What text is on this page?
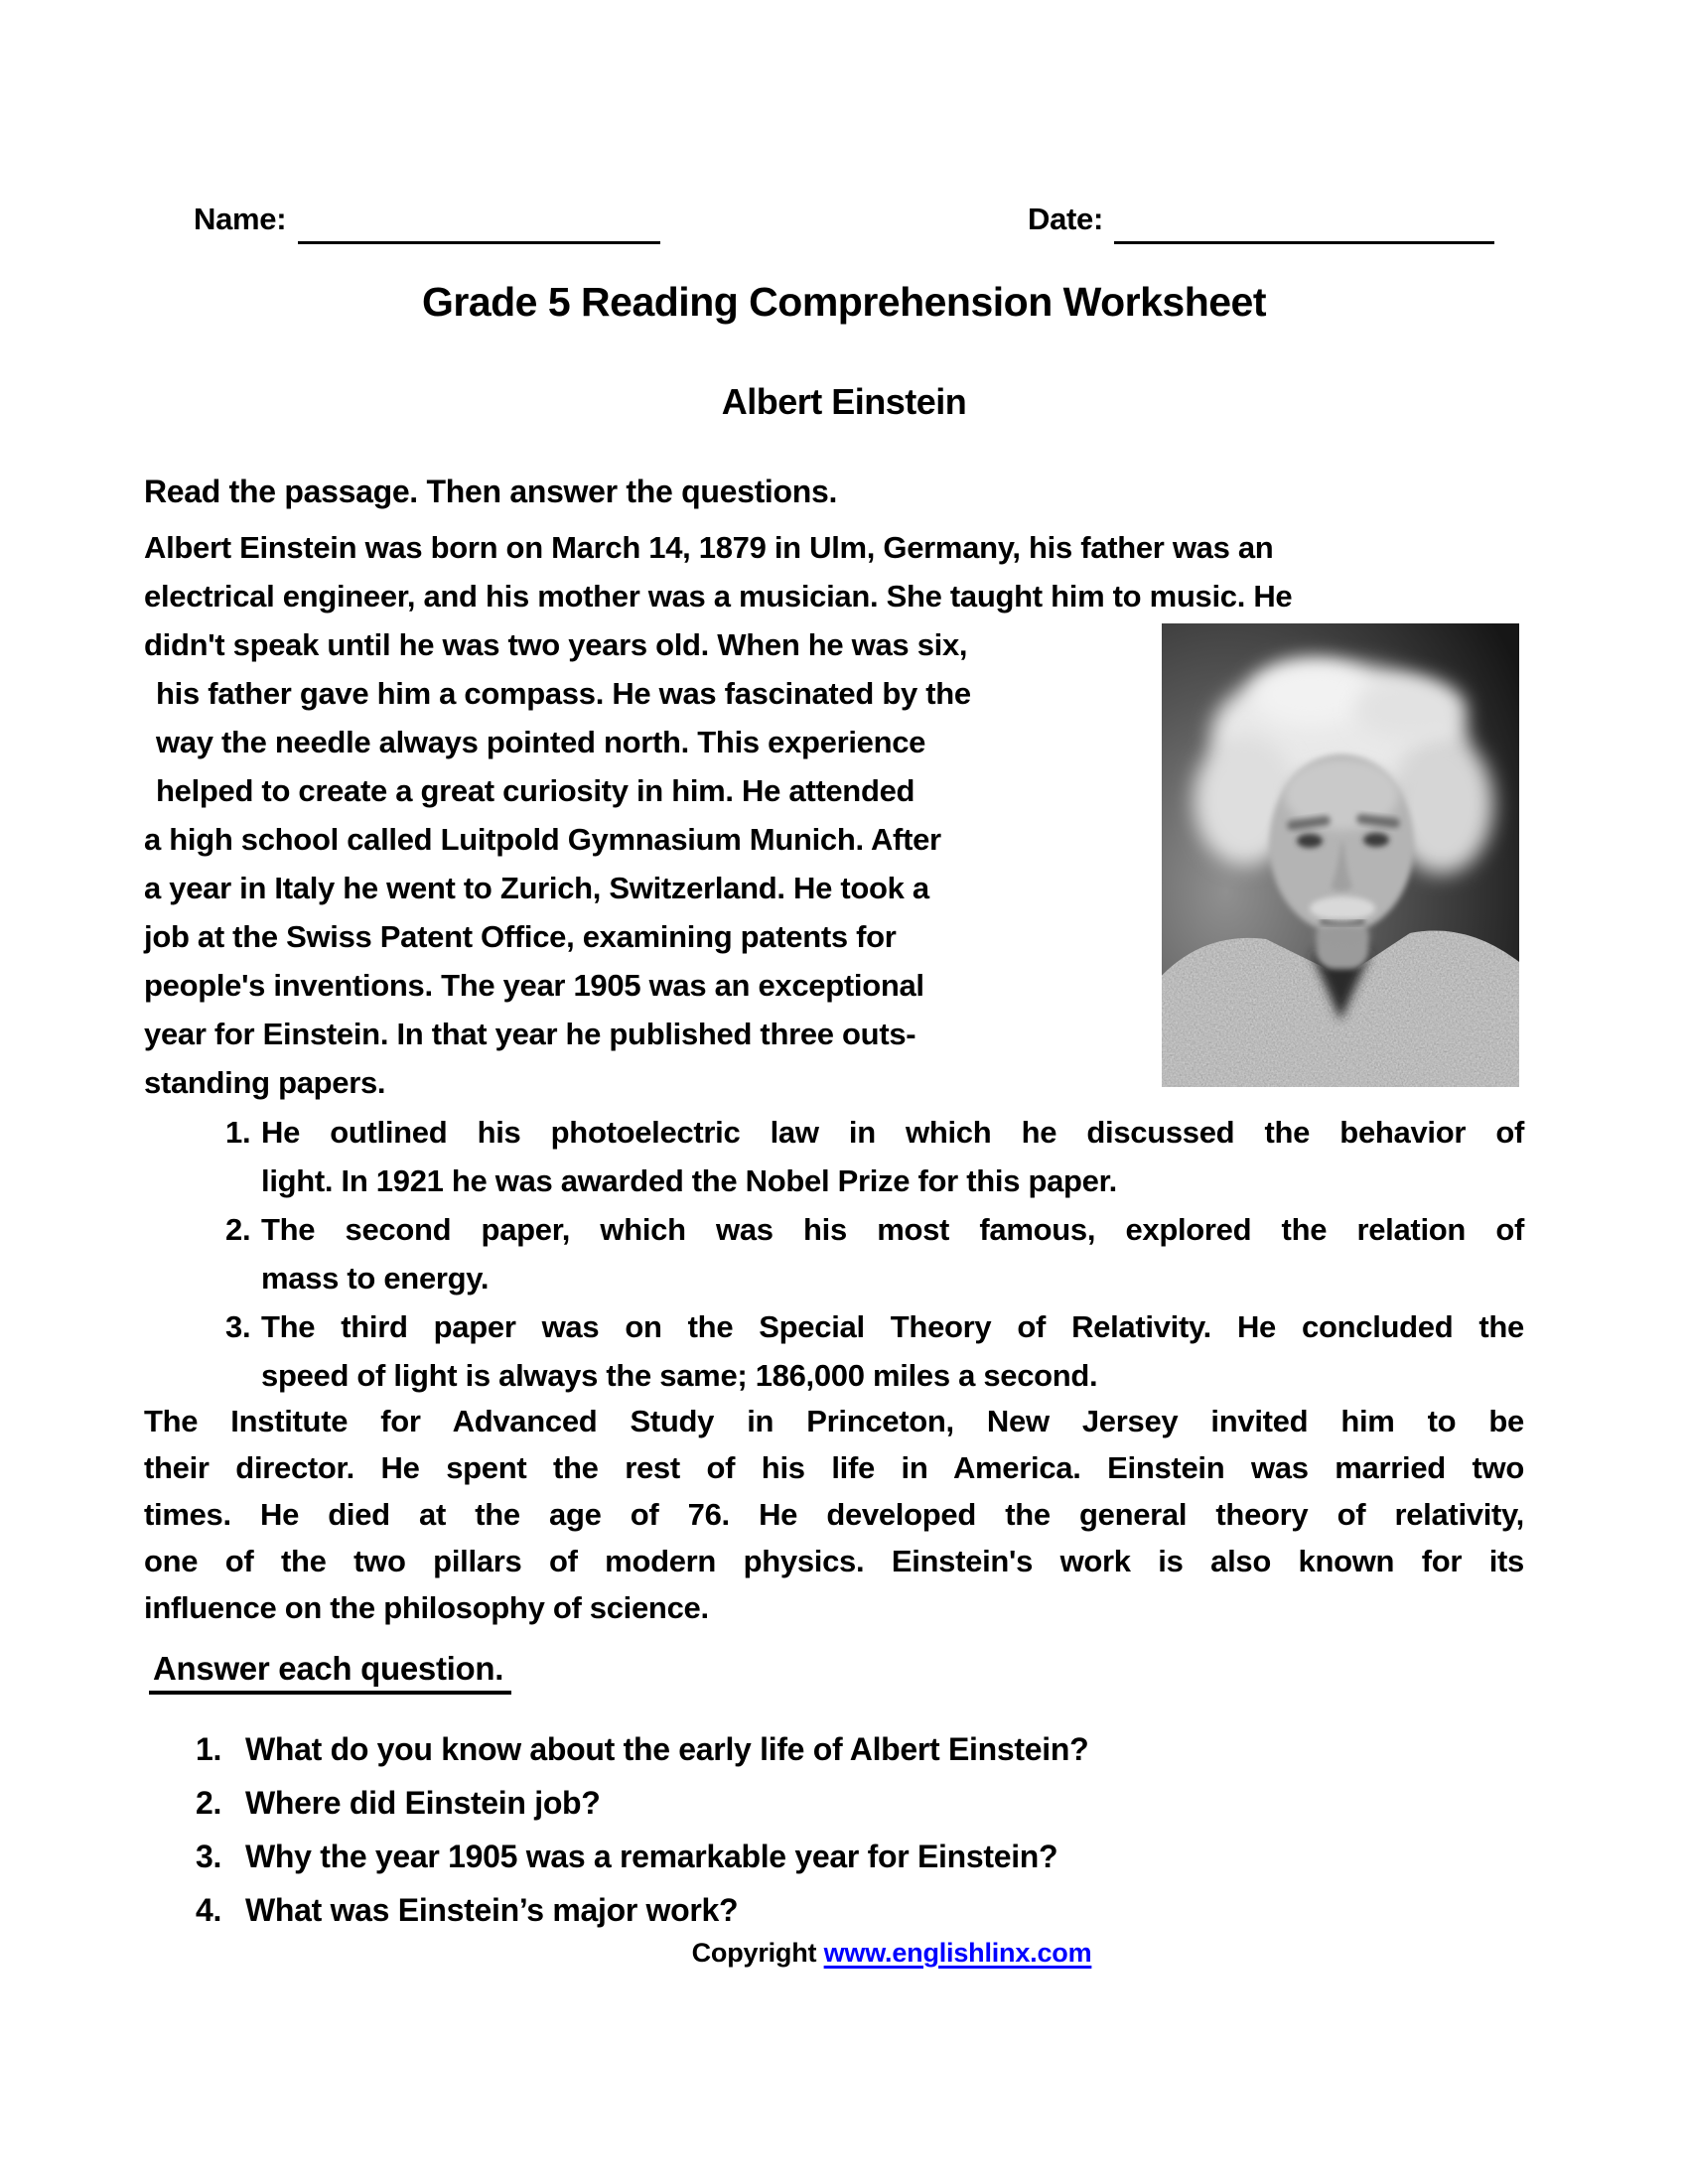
Name:	Date:
Grade 5 Reading Comprehension Worksheet
Albert Einstein
Read the passage. Then answer the questions.
Albert Einstein was born on March 14, 1879 in Ulm, Germany, his father was an
electrical engineer, and his mother was a musician. She taught him to music. He
didn't speak until he was two years old. When he was six,
his father gave him a compass. He was fascinated by the
way the needle always pointed north. This experience
helped to create a great curiosity in him. He attended
a high school called Luitpold Gymnasium Munich. After
a year in Italy he went to Zurich, Switzerland. He took a
job at the Swiss Patent Office, examining patents for
people's inventions. The year 1905 was an exceptional
year for Einstein. In that year he published three outs-
standing papers.
1. He outlined his photoelectric law in which he discussed the behavior of
light. In 1921 he was awarded the Nobel Prize for this paper.
2. The second paper, which was his most famous, explored the relation of
mass to energy.
3. The third paper was on the Special Theory of Relativity. He concluded the
speed of light is always the same; 186,000 miles a second.
The Institute for Advanced Study in Princeton, New Jersey invited him to be
their director. He spent the rest of his life in America. Einstein was married two
times. He died at the age of 76. He developed the general theory of relativity,
one of the two pillars of modern physics. Einstein's work is also known for its
influence on the philosophy of science.
Answer each question.
1. What do you know about the early life of Albert Einstein?
2. Where did Einstein job?
3. Why the year 1905 was a remarkable year for Einstein?
4. What was Einstein’s major work?
Copyright www.englishlinx.com
